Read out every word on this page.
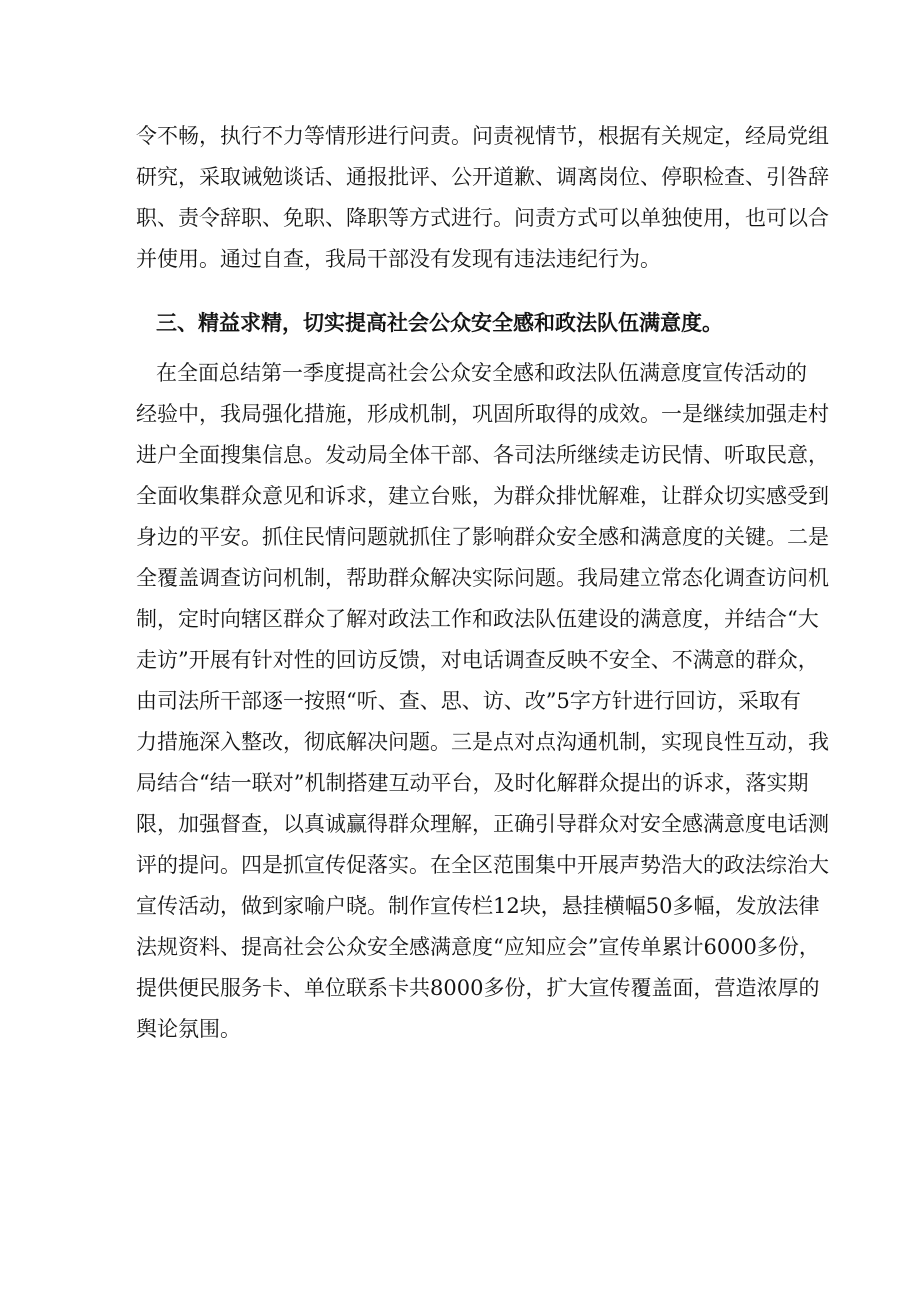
令不畅，执行不力等情形进行问责。问责视情节，根据有关规定，经局党组
研究，采取诫勉谈话、通报批评、公开道歉、调离岗位、停职检查、引咎辞
职、责令辞职、免职、降职等方式进行。问责方式可以单独使用，也可以合
并使用。通过自查，我局干部没有发现有违法违纪行为。
三、精益求精，切实提高社会公众安全感和政法队伍满意度。
在全面总结第一季度提高社会公众安全感和政法队伍满意度宣传活动的
经验中，我局强化措施，形成机制，巩固所取得的成效。一是继续加强走村
进户全面搜集信息。发动局全体干部、各司法所继续走访民情、听取民意，
全面收集群众意见和诉求，建立台账，为群众排忧解难，让群众切实感受到
身边的平安。抓住民情问题就抓住了影响群众安全感和满意度的关键。二是
全覆盖调查访问机制，帮助群众解决实际问题。我局建立常态化调查访问机
制，定时向辖区群众了解对政法工作和政法队伍建设的满意度，并结合“大
走访”开展有针对性的回访反馈，对电话调查反映不安全、不满意的群众，
由司法所干部逐一按照“听、查、思、访、改”5字方针进行回访，采取有
力措施深入整改，彻底解决问题。三是点对点沟通机制，实现良性互动，我
局结合“结一联对”机制搭建互动平台，及时化解群众提出的诉求，落实期
限，加强督查，以真诚赢得群众理解，正确引导群众对安全感满意度电话测
评的提问。四是抓宣传促落实。在全区范围集中开展声势浩大的政法综治大
宣传活动，做到家喻户晓。制作宣传栏12块，悬挂横幅50多幅，发放法律
法规资料、提高社会公众安全感满意度“应知应会”宣传单累计6000多份，
提供便民服务卡、单位联系卡共8000多份，扩大宣传覆盖面，营造浓厚的
舆论氛围。
